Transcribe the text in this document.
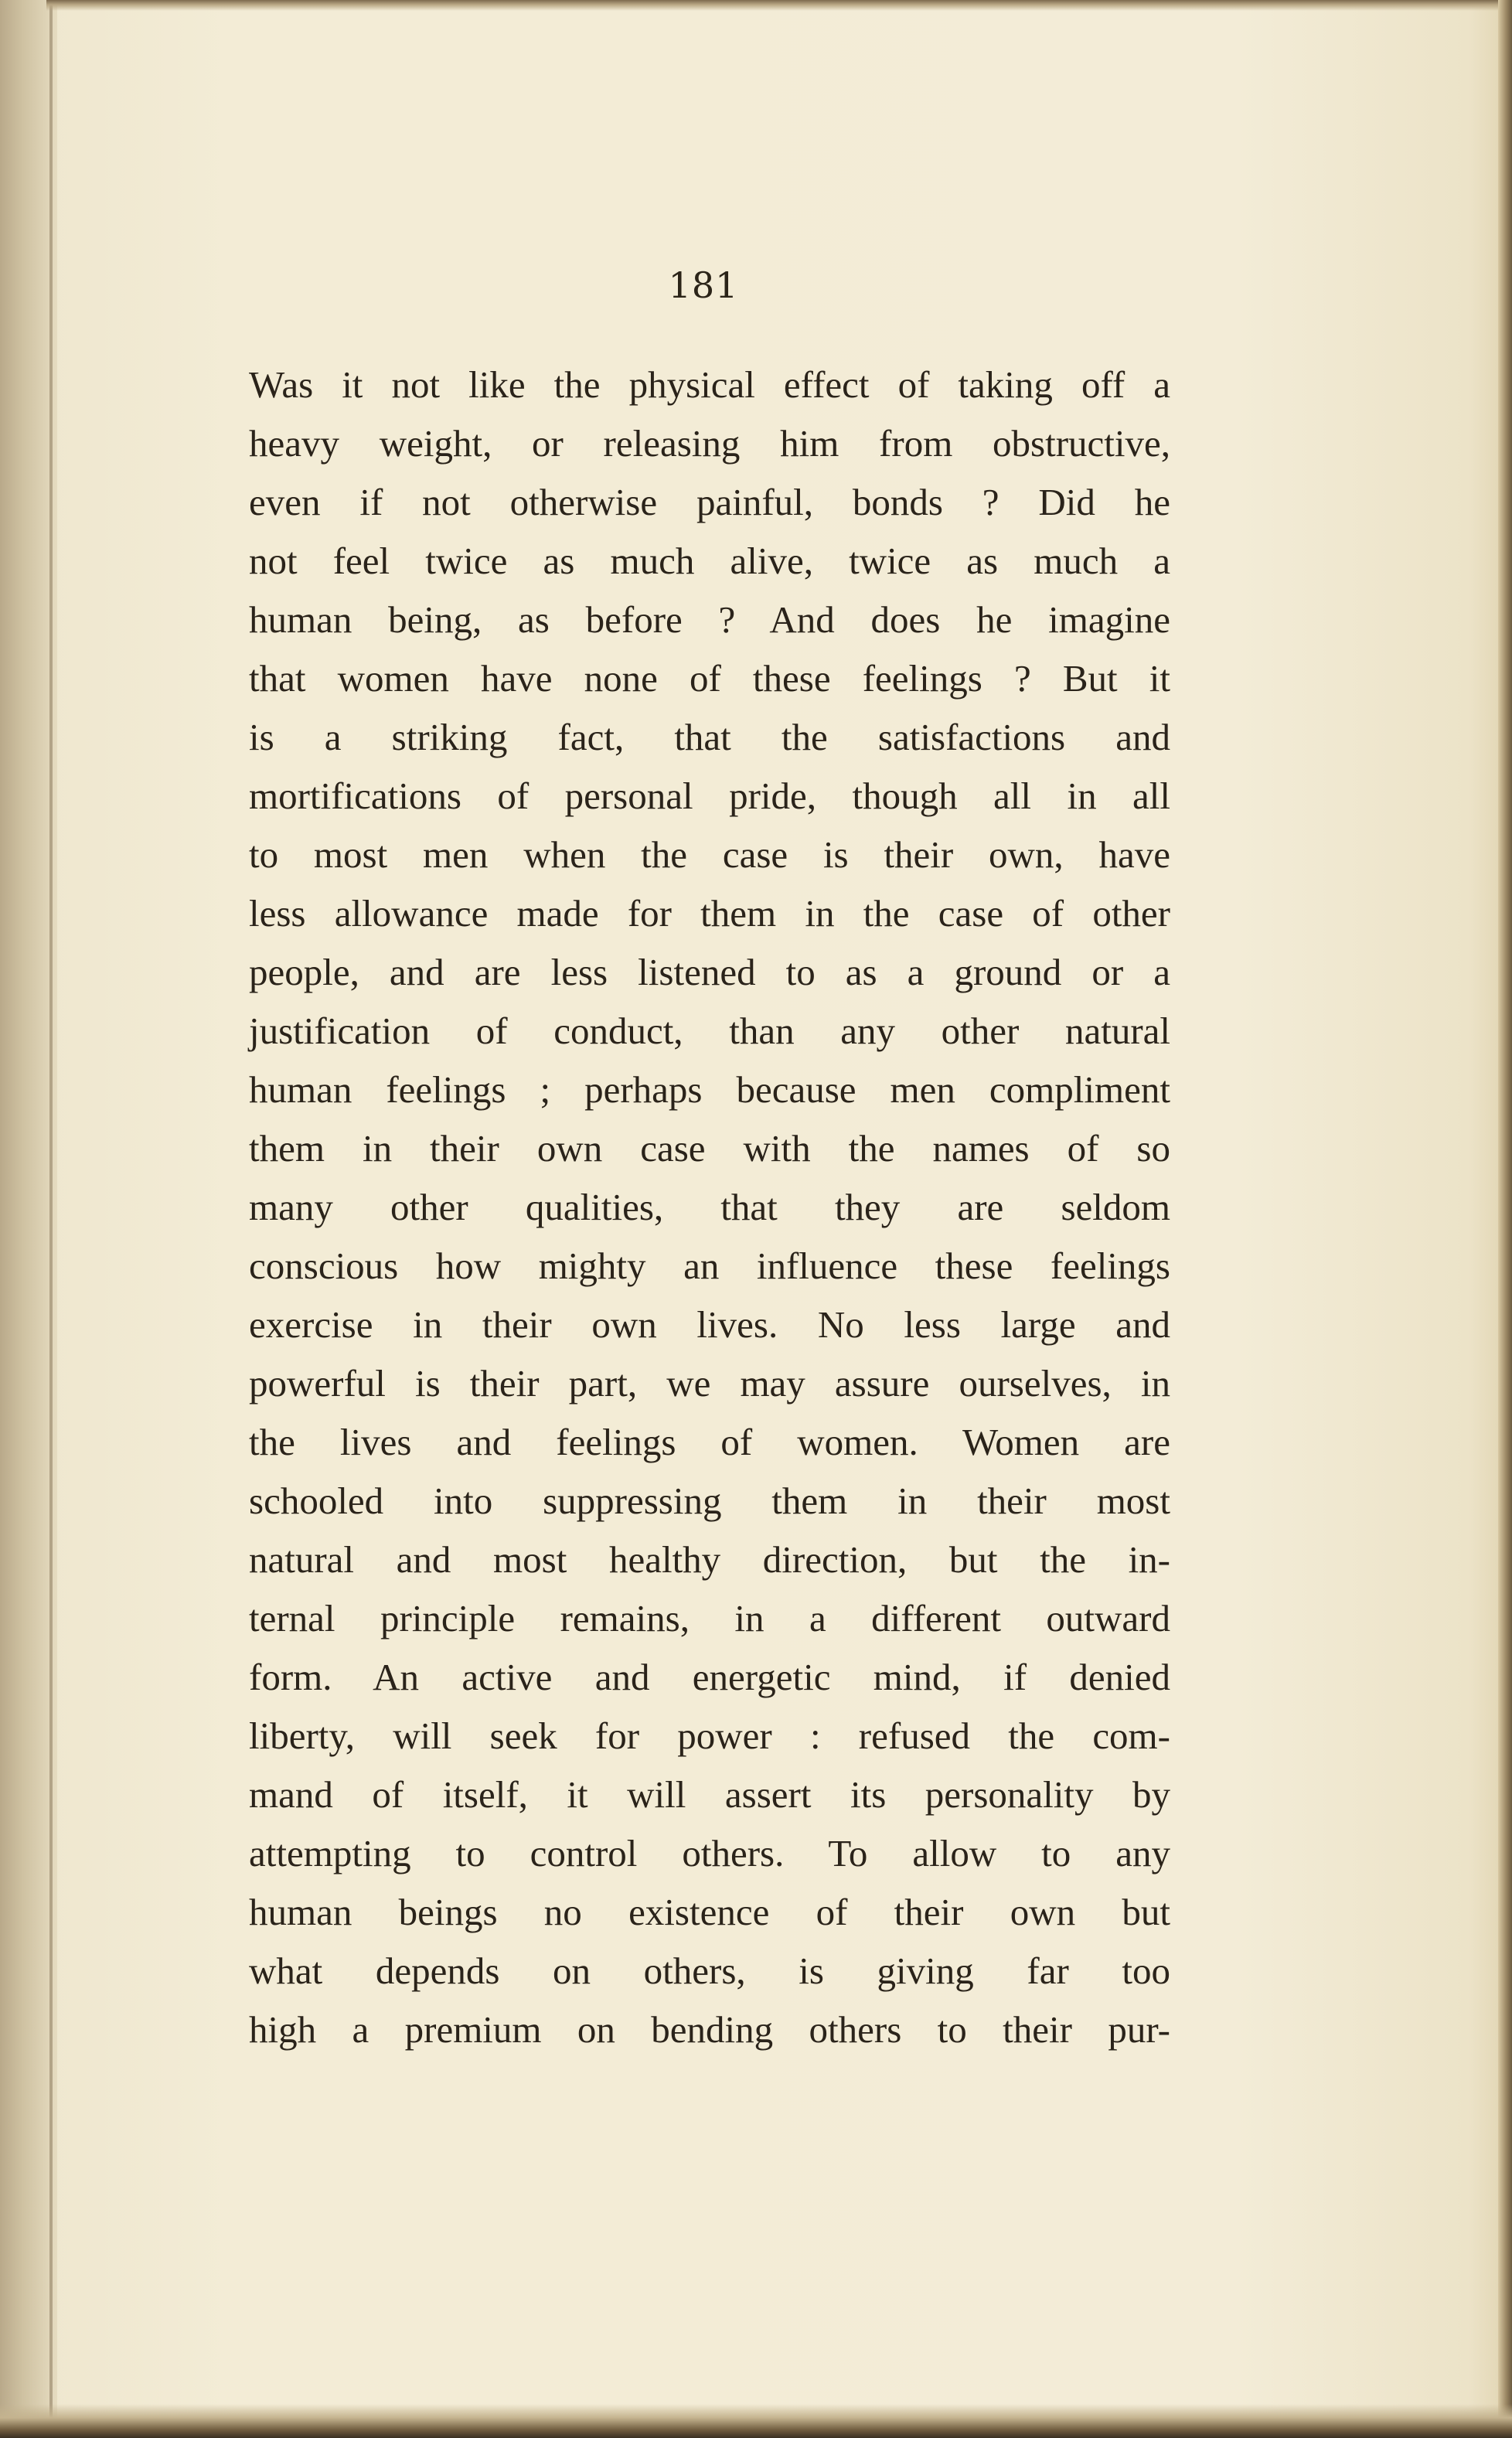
181
Was it not like the physical effect of taking off a
heavy weight, or releasing him from obstructive,
even if not otherwise painful, bonds ? Did he
not feel twice as much alive, twice as much a
human being, as before ? And does he imagine
that women have none of these feelings ? But it
is a striking fact, that the satisfactions and
mortifications of personal pride, though all in all
to most men when the case is their own, have
less allowance made for them in the case of other
people, and are less listened to as a ground or a
justification of conduct, than any other natural
human feelings ; perhaps because men compliment
them in their own case with the names of so
many other qualities, that they are seldom
conscious how mighty an influence these feelings
exercise in their own lives. No less large and
powerful is their part, we may assure ourselves, in
the lives and feelings of women. Women are
schooled into suppressing them in their most
natural and most healthy direction, but the in-
ternal principle remains, in a different outward
form. An active and energetic mind, if denied
liberty, will seek for power : refused the com-
mand of itself, it will assert its personality by
attempting to control others. To allow to any
human beings no existence of their own but
what depends on others, is giving far too
high a premium on bending others to their pur-
